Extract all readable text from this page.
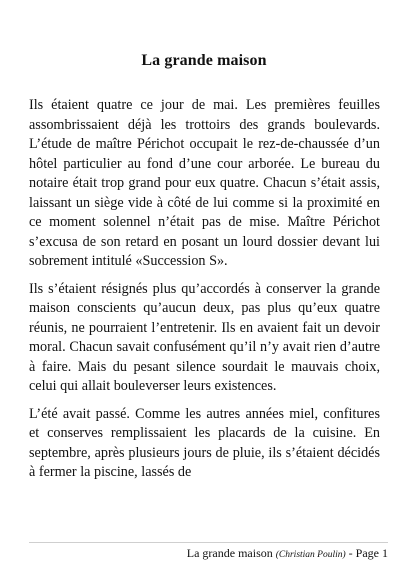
La grande maison

Ils étaient quatre ce jour de mai. Les premières feuilles assombrissaient déjà les trottoirs des grands boulevards. L’étude de maître Périchot occupait le rez-de-chaussée d’un hôtel particulier au fond d’une cour arborée. Le bureau du notaire était trop grand pour eux quatre. Chacun s’était assis, laissant un siège vide à côté de lui comme si la proximité en ce moment solennel n’était pas de mise. Maître Périchot s’excusa de son retard en posant un lourd dossier devant lui sobrement intitulé «Succession S».

Ils s’étaient résignés plus qu’accordés à conserver la grande maison conscients qu’aucun deux, pas plus qu’eux quatre réunis, ne pourraient l’entretenir. Ils en avaient fait un devoir moral. Chacun savait confusément qu’il n’y avait rien d’autre à faire. Mais du pesant silence sourdait le mauvais choix, celui qui allait bouleverser leurs existences.

L’été avait passé. Comme les autres années miel, confitures et conserves remplissaient les placards de la cuisine. En septembre, après plusieurs jours de pluie, ils s’étaient décidés à fermer la piscine, lassés de

La grande maison (Christian Poulin) - Page 1
